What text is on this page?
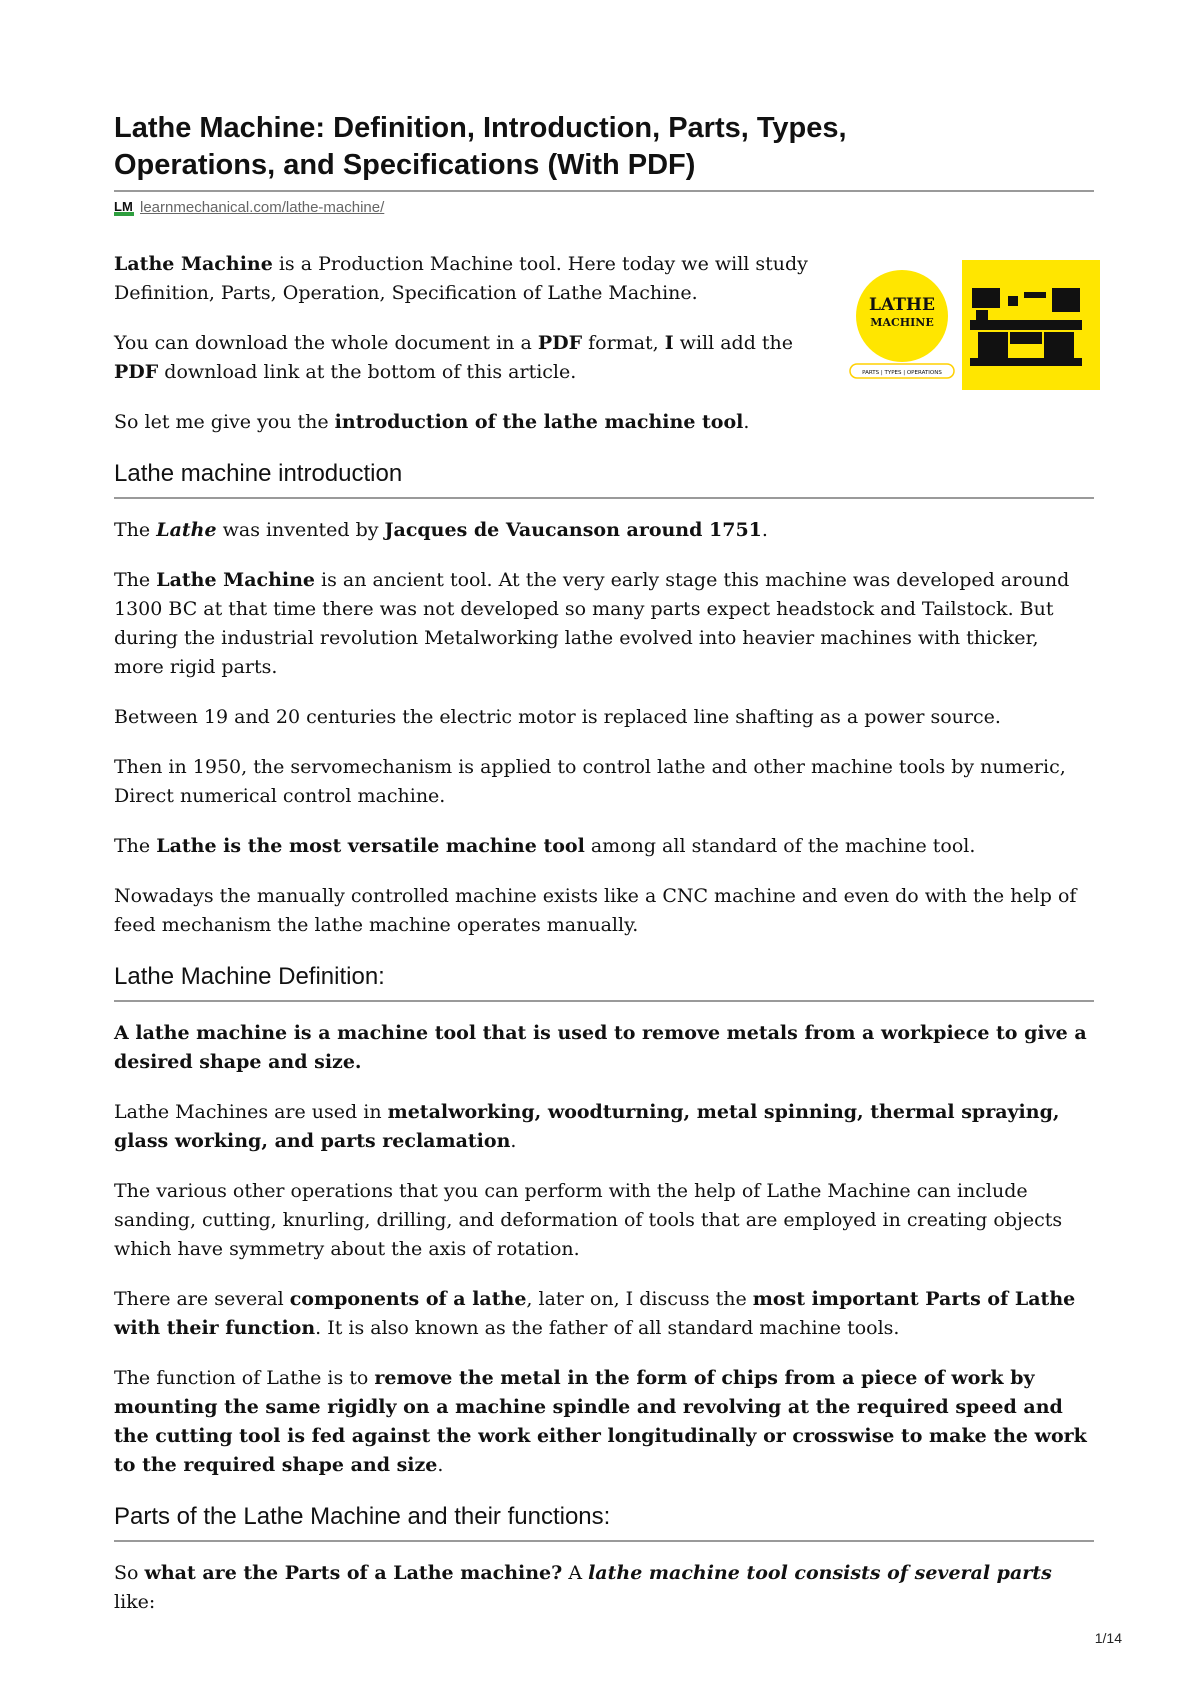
Lathe Machine: Definition, Introduction, Parts, Types,
Operations, and Specifications (With PDF)
LM learnmechanical.com/lathe-machine/

Lathe Machine is a Production Machine tool. Here today we will study Definition, Parts, Operation, Specification of Lathe Machine.

You can download the whole document in a PDF format, I will add the PDF download link at the bottom of this article.

So let me give you the introduction of the lathe machine tool.

LATHE
MACHINE
PARTS | TYPES | OPERATIONS
Lathe machine introduction

The Lathe was invented by Jacques de Vaucanson around 1751.

The Lathe Machine is an ancient tool. At the very early stage this machine was developed around 1300 BC at that time there was not developed so many parts expect headstock and Tailstock. But during the industrial revolution Metalworking lathe evolved into heavier machines with thicker, more rigid parts.

Between 19 and 20 centuries the electric motor is replaced line shafting as a power source.

Then in 1950, the servomechanism is applied to control lathe and other machine tools by numeric, Direct numerical control machine.

The Lathe is the most versatile machine tool among all standard of the machine tool.

Nowadays the manually controlled machine exists like a CNC machine and even do with the help of feed mechanism the lathe machine operates manually.

Lathe Machine Definition:

A lathe machine is a machine tool that is used to remove metals from a workpiece to give a desired shape and size.

Lathe Machines are used in metalworking, woodturning, metal spinning, thermal spraying, glass working, and parts reclamation.

The various other operations that you can perform with the help of Lathe Machine can include sanding, cutting, knurling, drilling, and deformation of tools that are employed in creating objects which have symmetry about the axis of rotation.

There are several components of a lathe, later on, I discuss the most important Parts of Lathe with their function. It is also known as the father of all standard machine tools.

The function of Lathe is to remove the metal in the form of chips from a piece of work by mounting the same rigidly on a machine spindle and revolving at the required speed and the cutting tool is fed against the work either longitudinally or crosswise to make the work to the required shape and size.

Parts of the Lathe Machine and their functions:

So what are the Parts of a Lathe machine? A lathe machine tool consists of several parts like:

1/14
